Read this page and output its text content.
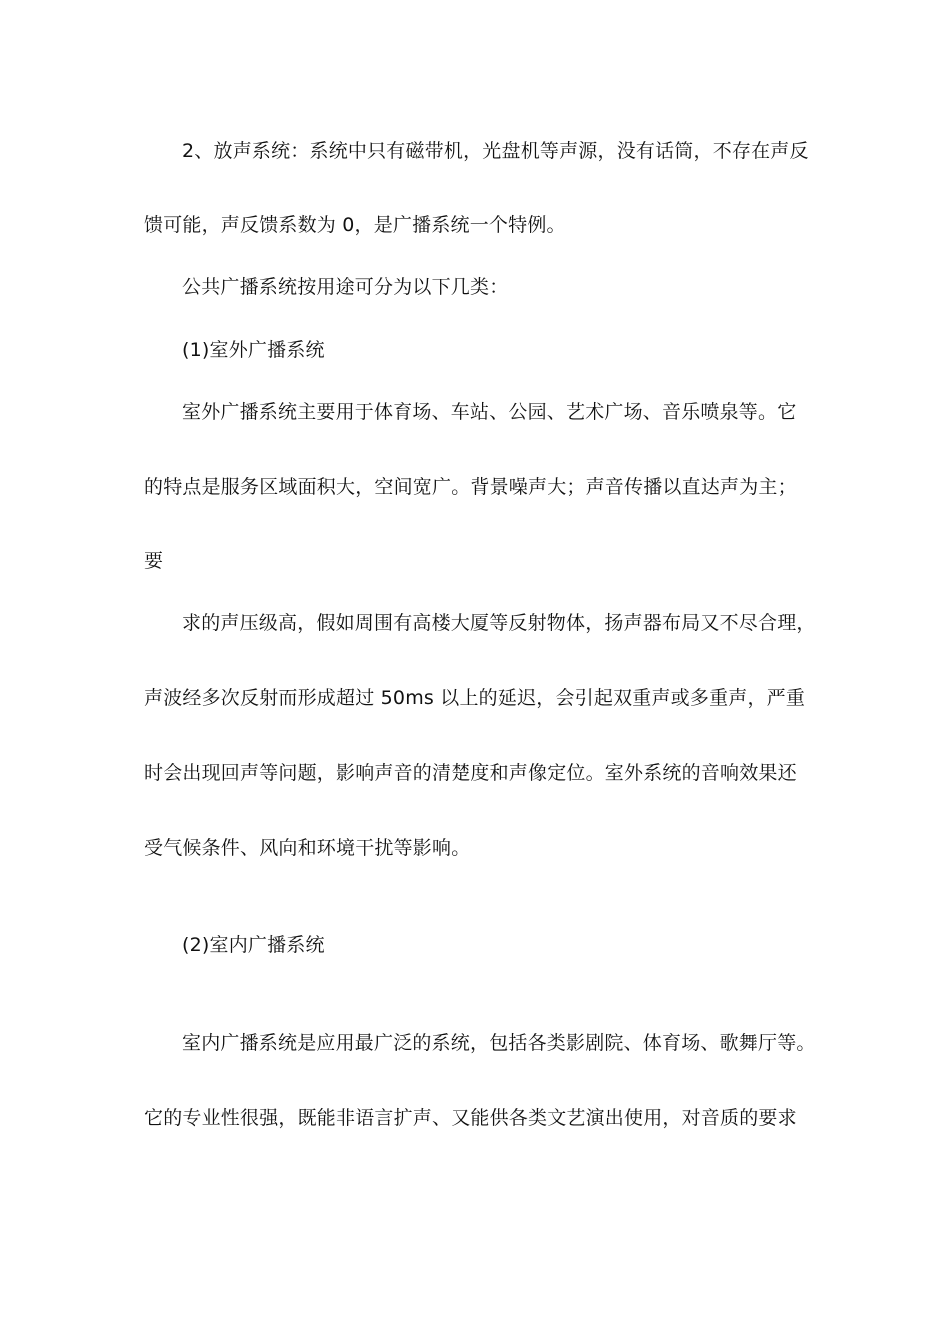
2、放声系统：系统中只有磁带机，光盘机等声源，没有话筒，不存在声反
馈可能，声反馈系数为 0，是广播系统一个特例。
公共广播系统按用途可分为以下几类：
(1)室外广播系统
室外广播系统主要用于体育场、车站、公园、艺术广场、音乐喷泉等。它
的特点是服务区域面积大，空间宽广。背景噪声大；声音传播以直达声为主；
要
求的声压级高，假如周围有高楼大厦等反射物体，扬声器布局又不尽合理，
声波经多次反射而形成超过 50ms 以上的延迟，会引起双重声或多重声，严重
时会出现回声等问题，影响声音的清楚度和声像定位。室外系统的音响效果还
受气候条件、风向和环境干扰等影响。
(2)室内广播系统
室内广播系统是应用最广泛的系统，包括各类影剧院、体育场、歌舞厅等。
它的专业性很强，既能非语言扩声、又能供各类文艺演出使用，对音质的要求
